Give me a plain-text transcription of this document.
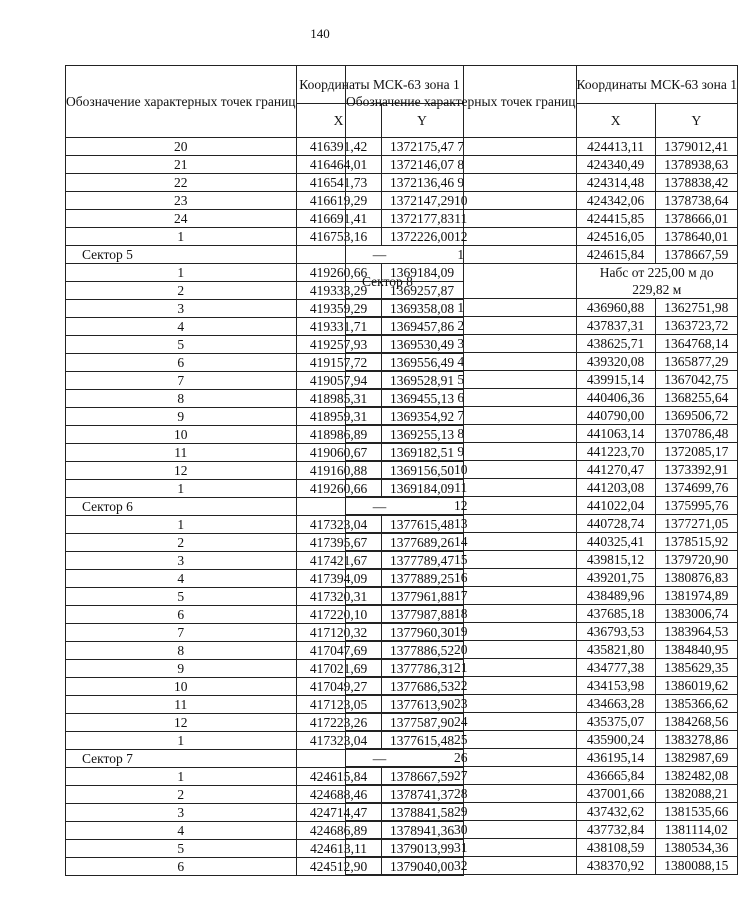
140
Обозначение характерных точек границ	Координаты МСК-63 зона 1	
	X	Y
20	416391,42	1372175,47
21	416464,01	1372146,07
22	416541,73	1372136,46
23	416619,29	1372147,29
24	416691,41	1372177,83
1	416753,16	1372226,00
Сектор 5	—	
1	419260,66	1369184,09
2	419333,29	1369257,87
3	419359,29	1369358,08
4	419331,71	1369457,86
5	419257,93	1369530,49
6	419157,72	1369556,49
7	419057,94	1369528,91
8	418985,31	1369455,13
9	418959,31	1369354,92
10	418986,89	1369255,13
11	419060,67	1369182,51
12	419160,88	1369156,50
1	419260,66	1369184,09
Сектор 6	—	
1	417323,04	1377615,48
2	417395,67	1377689,26
3	417421,67	1377789,47
4	417394,09	1377889,25
5	417320,31	1377961,88
6	417220,10	1377987,88
7	417120,32	1377960,30
8	417047,69	1377886,52
9	417021,69	1377786,31
10	417049,27	1377686,53
11	417123,05	1377613,90
12	417223,26	1377587,90
1	417323,04	1377615,48
Сектор 7	—	
1	424615,84	1378667,59
2	424688,46	1378741,37
3	424714,47	1378841,58
4	424686,89	1378941,36
5	424613,11	1379013,99
6	424512,90	1379040,00
Обозначение характерных точек границ	Координаты МСК-63 зона 1	
	X	Y
7	424413,11	1379012,41
8	424340,49	1378938,63
9	424314,48	1378838,42
10	424342,06	1378738,64
11	424415,85	1378666,01
12	424516,05	1378640,01
1	424615,84	1378667,59
Сектор 8	Набс от 225,00 м до 229,82 м	
1	436960,88	1362751,98
2	437837,31	1363723,72
3	438625,71	1364768,14
4	439320,08	1365877,29
5	439915,14	1367042,75
6	440406,36	1368255,64
7	440790,00	1369506,72
8	441063,14	1370786,48
9	441223,70	1372085,17
10	441270,47	1373392,91
11	441203,08	1374699,76
12	441022,04	1375995,76
13	440728,74	1377271,05
14	440325,41	1378515,92
15	439815,12	1379720,90
16	439201,75	1380876,83
17	438489,96	1381974,89
18	437685,18	1383006,74
19	436793,53	1383964,53
20	435821,80	1384840,95
21	434777,38	1385629,35
22	434153,98	1386019,62
23	434663,28	1385366,62
24	435375,07	1384268,56
25	435900,24	1383278,86
26	436195,14	1382987,69
27	436665,84	1382482,08
28	437001,66	1382088,21
29	437432,62	1381535,66
30	437732,84	1381114,02
31	438108,59	1380534,36
32	438370,92	1380088,15
